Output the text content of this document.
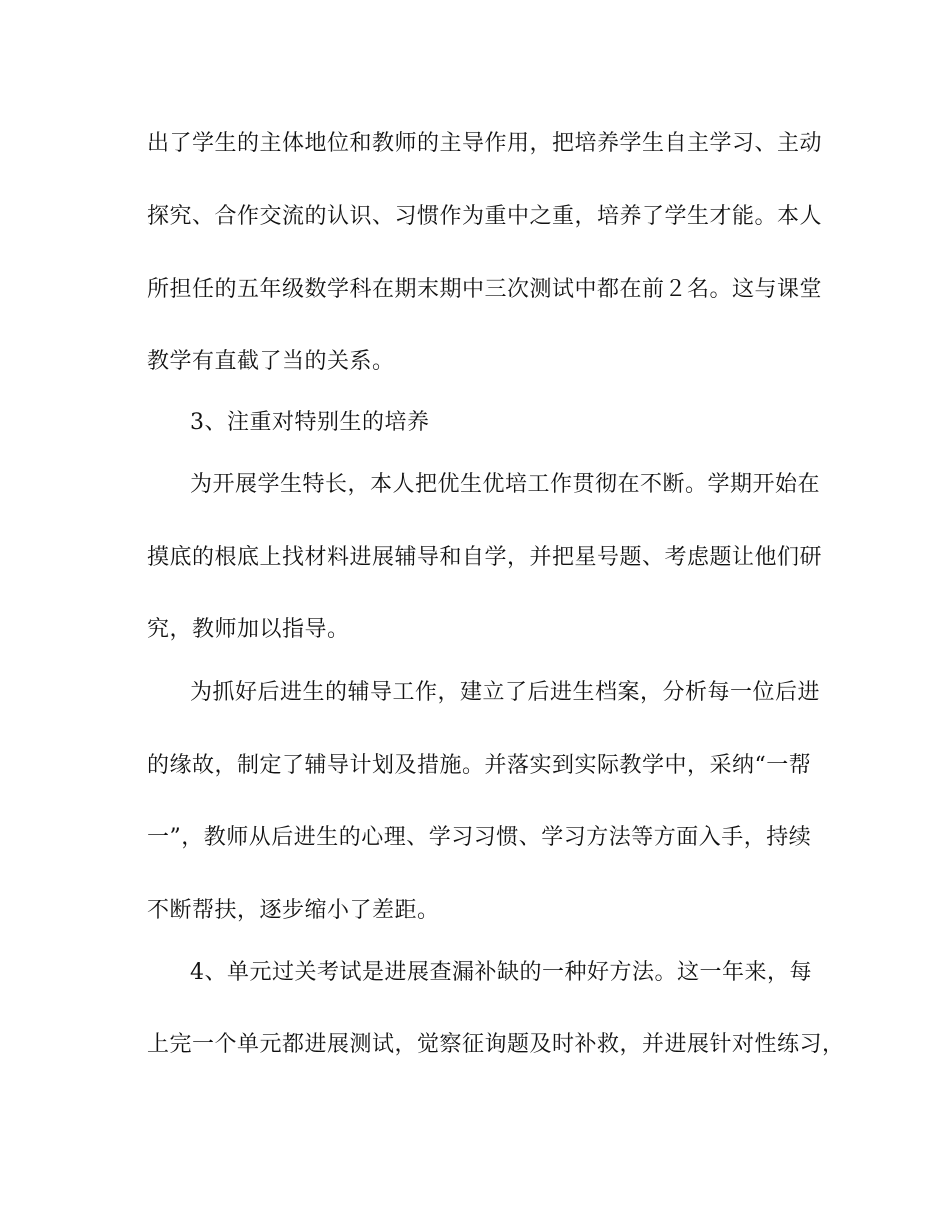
出了学生的主体地位和教师的主导作用，把培养学生自主学习、主动
探究、合作交流的认识、习惯作为重中之重，培养了学生才能。本人
所担任的五年级数学科在期末期中三次测试中都在前２名。这与课堂
教学有直截了当的关系。
3、注重对特别生的培养
为开展学生特长，本人把优生优培工作贯彻在不断。学期开始在
摸底的根底上找材料进展辅导和自学，并把星号题、考虑题让他们研
究，教师加以指导。
为抓好后进生的辅导工作，建立了后进生档案，分析每一位后进
的缘故，制定了辅导计划及措施。并落实到实际教学中，采纳“一帮
一”，教师从后进生的心理、学习习惯、学习方法等方面入手，持续
不断帮扶，逐步缩小了差距。
4、单元过关考试是进展查漏补缺的一种好方法。这一年来，每
上完一个单元都进展测试，觉察征询题及时补救，并进展针对性练习，
